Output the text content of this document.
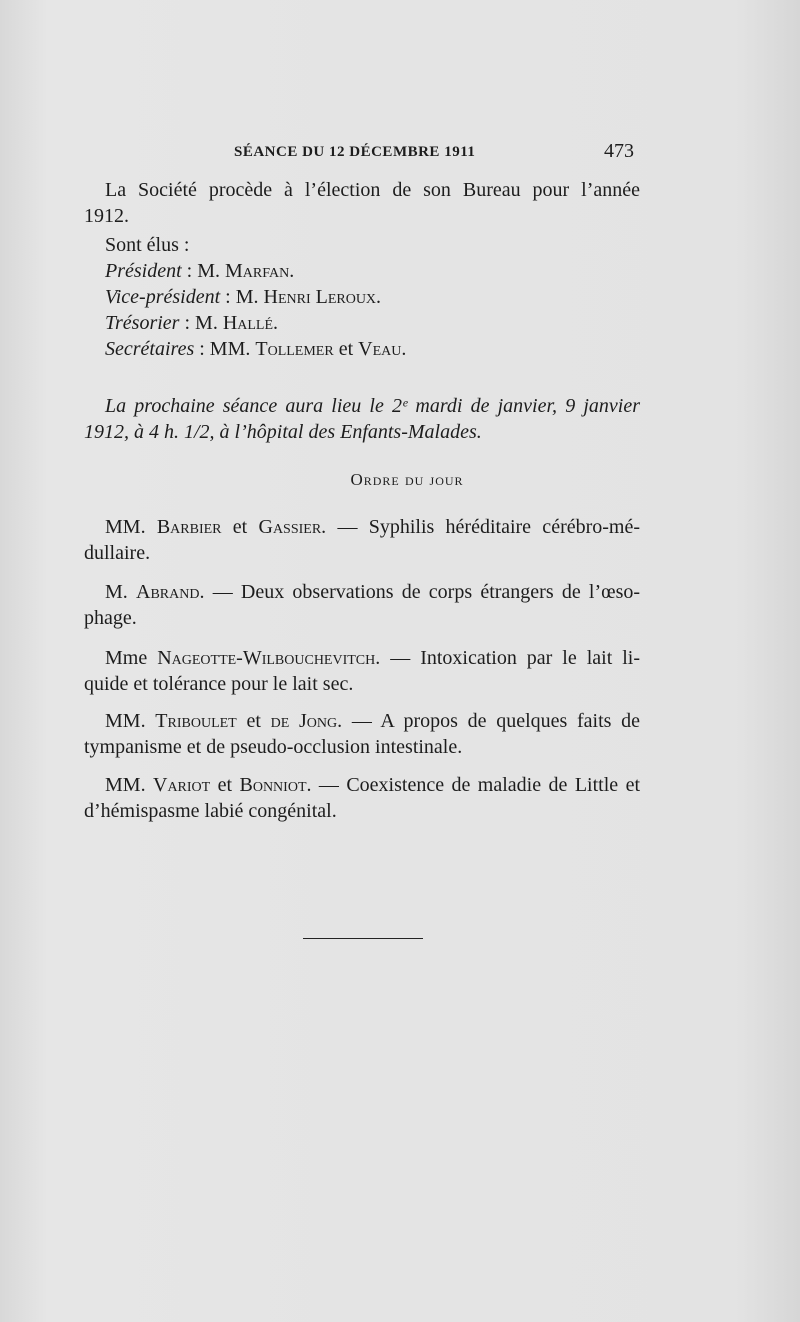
SÉANCE DU 12 DÉCEMBRE 1911	473
La Société procède à l’élection de son Bureau pour l’année
1912.
Sont élus :
Président : M. Marfan.
Vice-président : M. Henri Leroux.
Trésorier : M. Hallé.
Secrétaires : MM. Tollemer et Veau.
La prochaine séance aura lieu le 2ᵉ mardi de janvier, 9 janvier
1912, à 4 h. 1/2, à l’hôpital des Enfants-Malades.
Ordre du jour
MM. Barbier et Gassier. — Syphilis héréditaire cérébro-mé-
dullaire.
M. Abrand. — Deux observations de corps étrangers de l’œso-
phage.
Mme Nageotte-Wilbouchevitch. — Intoxication par le lait li-
quide et tolérance pour le lait sec.
MM. Triboulet et de Jong. — A propos de quelques faits de
tympanisme et de pseudo-occlusion intestinale.
MM. Variot et Bonniot. — Coexistence de maladie de Little et
d’hémispasme labié congénital.
